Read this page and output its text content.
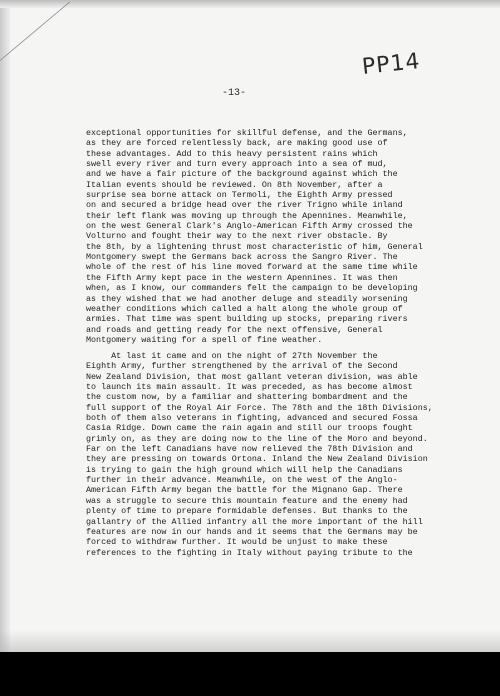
PP14
-13-
exceptional opportunities for skillful defense, and the Germans,
as they are forced relentlessly back, are making good use of
these advantages. Add to this heavy persistent rains which
swell every river and turn every approach into a sea of mud,
and we have a fair picture of the background against which the
Italian events should be reviewed. On 8th November, after a
surprise sea borne attack on Termoli, the Eighth Army pressed
on and secured a bridge head over the river Trigno while inland
their left flank was moving up through the Apennines. Meanwhile,
on the west General Clark's Anglo-American Fifth Army crossed the
Volturno and fought their way to the next river obstacle. By
the 8th, by a lightening thrust most characteristic of him, General
Montgomery swept the Germans back across the Sangro River. The
whole of the rest of his line moved forward at the same time while
the Fifth Army kept pace in the western Apennines. It was then
when, as I know, our commanders felt the campaign to be developing
as they wished that we had another deluge and steadily worsening
weather conditions which called a halt along the whole group of
armies. That time was spent building up stocks, preparing rivers
and roads and getting ready for the next offensive, General
Montgomery waiting for a spell of fine weather.
At last it came and on the night of 27th November the
Eighth Army, further strengthened by the arrival of the Second
New Zealand Division, that most gallant veteran division, was able
to launch its main assault. It was preceded, as has become almost
the custom now, by a familiar and shattering bombardment and the
full support of the Royal Air Force. The 78th and the 18th Divisions,
both of them also veterans in fighting, advanced and secured Fossa
Casia Ridge. Down came the rain again and still our troops fought
grimly on, as they are doing now to the line of the Moro and beyond.
Far on the left Canadians have now relieved the 78th Division and
they are pressing on towards Ortona. Inland the New Zealand Division
is trying to gain the high ground which will help the Canadians
further in their advance. Meanwhile, on the west of the Anglo-
American Fifth Army began the battle for the Mignano Gap. There
was a struggle to secure this mountain feature and the enemy had
plenty of time to prepare formidable defenses. But thanks to the
gallantry of the Allied infantry all the more important of the hill
features are now in our hands and it seems that the Germans may be
forced to withdraw further. It would be unjust to make these
references to the fighting in Italy without paying tribute to the
